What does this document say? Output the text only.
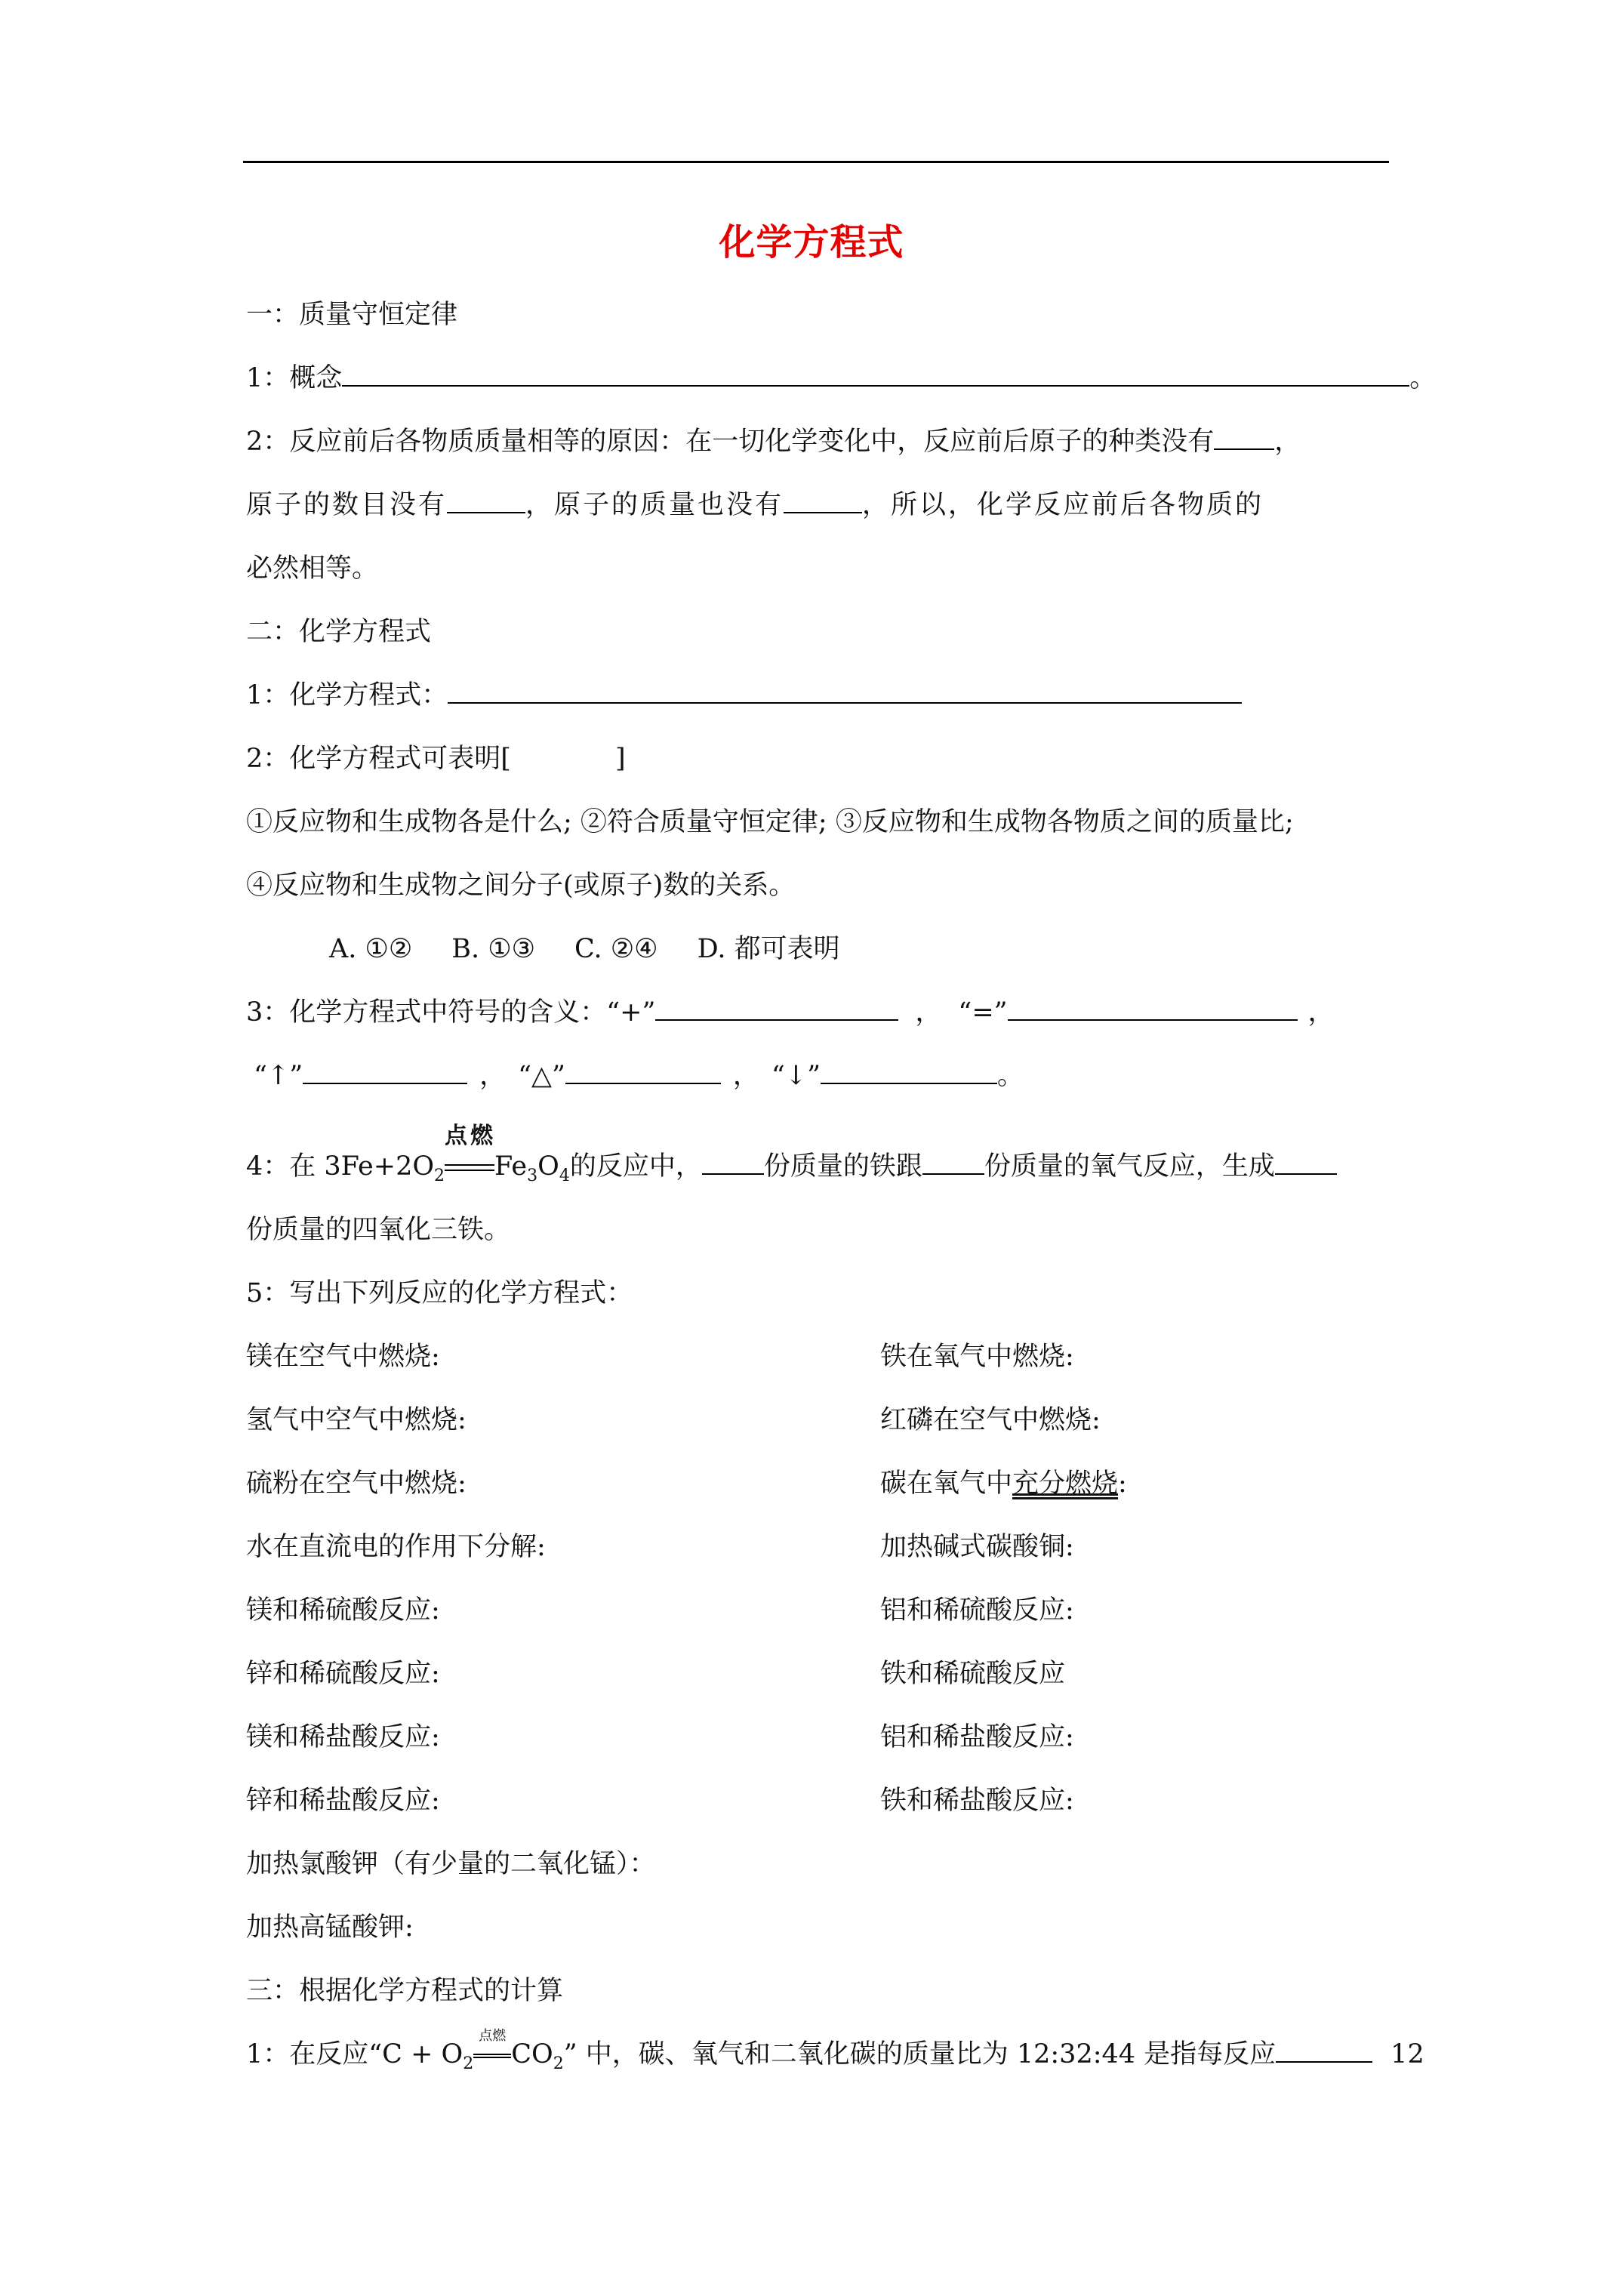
化学方程式
一：质量守恒定律
1：概念	。
2：反应前后各物质质量相等的原因：在一切化学变化中，反应前后原子的种类没有 ，
原子的数目没有	，原子的质量也没有	，所以，化学反应前后各物质的
必然相等。
二：化学方程式
1：化学方程式：
2：化学方程式可表明[	]
①反应物和生成物各是什么; ②符合质量守恒定律; ③反应物和生成物各物质之间的质量比;
④反应物和生成物之间分子(或原子)数的关系。
A. ①② B. ①③ C. ②④ D. 都可表明
3：化学方程式中符号的含义：“+”	， “=”	，
“↑”	， “△”	， “↓”	。
4：在 $3Fe+2O_2$
点燃
$Fe_3O_4$的反应中， 份质量的铁跟 份质量的氧气反应，生成
份质量的四氧化三铁。
5：写出下列反应的化学方程式：
镁在空气中燃烧:	铁在氧气中燃烧:
氢气中空气中燃烧:	红磷在空气中燃烧:
硫粉在空气中燃烧:	碳在氧气中充分燃烧:
水在直流电的作用下分解:	加热碱式碳酸铜:
镁和稀硫酸反应:	铝和稀硫酸反应:
锌和稀硫酸反应:	铁和稀硫酸反应
镁和稀盐酸反应:	铝和稀盐酸反应:
锌和稀盐酸反应:	铁和稀盐酸反应:
加热氯酸钾（有少量的二氧化锰）：
加热高锰酸钾:
三：根据化学方程式的计算
1：在反应“$C + O_2$
点燃
$CO_2$” 中，碳、氧气和二氧化碳的质量比为 12:32:44 是指每反应	12
